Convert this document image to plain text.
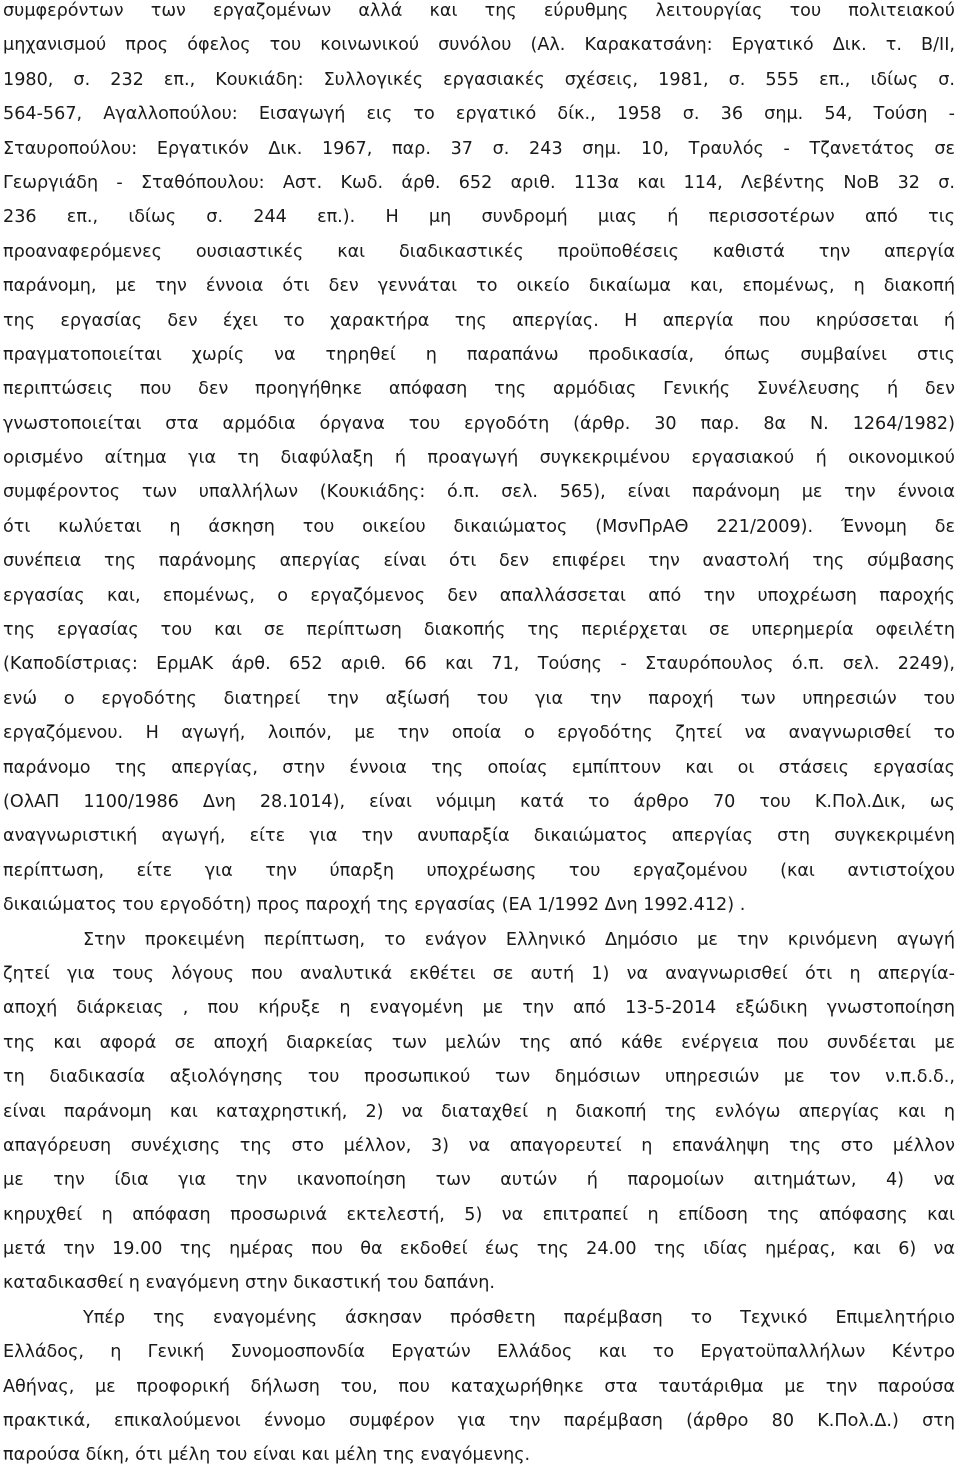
συμφερόντων των εργαζομένων αλλά και της εύρυθμης λειτουργίας του πολιτειακού
μηχανισμού προς όφελος του κοινωνικού συνόλου (Αλ. Καρακατσάνη: Εργατικό Δικ. τ. Β/ΙΙ,
1980, σ. 232 επ., Κουκιάδη: Συλλογικές εργασιακές σχέσεις, 1981, σ. 555 επ., ιδίως σ.
564-567, Αγαλλοπούλου: Εισαγωγή εις το εργατικό δίκ., 1958 σ. 36 σημ. 54, Τούση -
Σταυροπούλου: Εργατικόν Δικ. 1967, παρ. 37 σ. 243 σημ. 10, Τραυλός - Τζανετάτος σε
Γεωργιάδη - Σταθόπουλου: Αστ. Κωδ. άρθ. 652 αριθ. 113α και 114, Λεβέντης ΝοΒ 32 σ.
236 επ., ιδίως σ. 244 επ.). Η μη συνδρομή μιας ή περισσοτέρων από τις
προαναφερόμενες ουσιαστικές και διαδικαστικές προϋποθέσεις καθιστά την απεργία
παράνομη, με την έννοια ότι δεν γεννάται το οικείο δικαίωμα και, επομένως, η διακοπή
της εργασίας δεν έχει το χαρακτήρα της απεργίας. Η απεργία που κηρύσσεται ή
πραγματοποιείται χωρίς να τηρηθεί η παραπάνω προδικασία, όπως συμβαίνει στις
περιπτώσεις που δεν προηγήθηκε απόφαση της αρμόδιας Γενικής Συνέλευσης ή δεν
γνωστοποιείται στα αρμόδια όργανα του εργοδότη (άρθρ. 30 παρ. 8α Ν. 1264/1982)
ορισμένο αίτημα για τη διαφύλαξη ή προαγωγή συγκεκριμένου εργασιακού ή οικονομικού
συμφέροντος των υπαλλήλων (Κουκιάδης: ό.π. σελ. 565), είναι παράνομη με την έννοια
ότι κωλύεται η άσκηση του οικείου δικαιώματος (ΜσνΠρΑΘ 221/2009). Έννομη δε
συνέπεια της παράνομης απεργίας είναι ότι δεν επιφέρει την αναστολή της σύμβασης
εργασίας και, επομένως, ο εργαζόμενος δεν απαλλάσσεται από την υποχρέωση παροχής
της εργασίας του και σε περίπτωση διακοπής της περιέρχεται σε υπερημερία οφειλέτη
(Καποδίστριας: ΕρμΑΚ άρθ. 652 αριθ. 66 και 71, Τούσης - Σταυρόπουλος ό.π. σελ. 2249),
ενώ ο εργοδότης διατηρεί την αξίωσή του για την παροχή των υπηρεσιών του
εργαζόμενου. Η αγωγή, λοιπόν, με την οποία ο εργοδότης ζητεί να αναγνωρισθεί το
παράνομο της απεργίας, στην έννοια της οποίας εμπίπτουν και οι στάσεις εργασίας
(ΟλΑΠ 1100/1986 Δνη 28.1014), είναι νόμιμη κατά το άρθρο 70 του Κ.Πολ.Δικ, ως
αναγνωριστική αγωγή, είτε για την ανυπαρξία δικαιώματος απεργίας στη συγκεκριμένη
περίπτωση, είτε για την ύπαρξη υποχρέωσης του εργαζομένου (και αντιστοίχου
δικαιώματος του εργοδότη) προς παροχή της εργασίας (ΕΑ 1/1992 Δνη 1992.412) .
Στην προκειμένη περίπτωση, το ενάγον Ελληνικό Δημόσιο με την κρινόμενη αγωγή
ζητεί για τους λόγους που αναλυτικά εκθέτει σε αυτή 1) να αναγνωρισθεί ότι η απεργία-
αποχή διάρκειας , που κήρυξε η εναγομένη με την από 13-5-2014 εξώδικη γνωστοποίηση
της και αφορά σε αποχή διαρκείας των μελών της από κάθε ενέργεια που συνδέεται με
τη διαδικασία αξιολόγησης του προσωπικού των δημόσιων υπηρεσιών με τον ν.π.δ.δ.,
είναι παράνομη και καταχρηστική, 2) να διαταχθεί η διακοπή της ενλόγω απεργίας και η
απαγόρευση συνέχισης της στο μέλλον, 3) να απαγορευτεί η επανάληψη της στο μέλλον
με την ίδια για την ικανοποίηση των αυτών ή παρομοίων αιτημάτων, 4) να
κηρυχθεί η απόφαση προσωρινά εκτελεστή, 5) να επιτραπεί η επίδοση της απόφασης και
μετά την 19.00 της ημέρας που θα εκδοθεί έως της 24.00 της ιδίας ημέρας, και 6) να
καταδικασθεί η εναγόμενη στην δικαστική του δαπάνη.
Υπέρ της εναγομένης άσκησαν πρόσθετη παρέμβαση το Τεχνικό Επιμελητήριο
Ελλάδος, η Γενική Συνομοσπονδία Εργατών Ελλάδος και το Εργατοϋπαλλήλων Κέντρο
Αθήνας, με προφορική δήλωση του, που καταχωρήθηκε στα ταυτάριθμα με την παρούσα
πρακτικά, επικαλούμενοι έννομο συμφέρον για την παρέμβαση (άρθρο 80 Κ.Πολ.Δ.) στη
παρούσα δίκη, ότι μέλη του είναι και μέλη της εναγόμενης.
